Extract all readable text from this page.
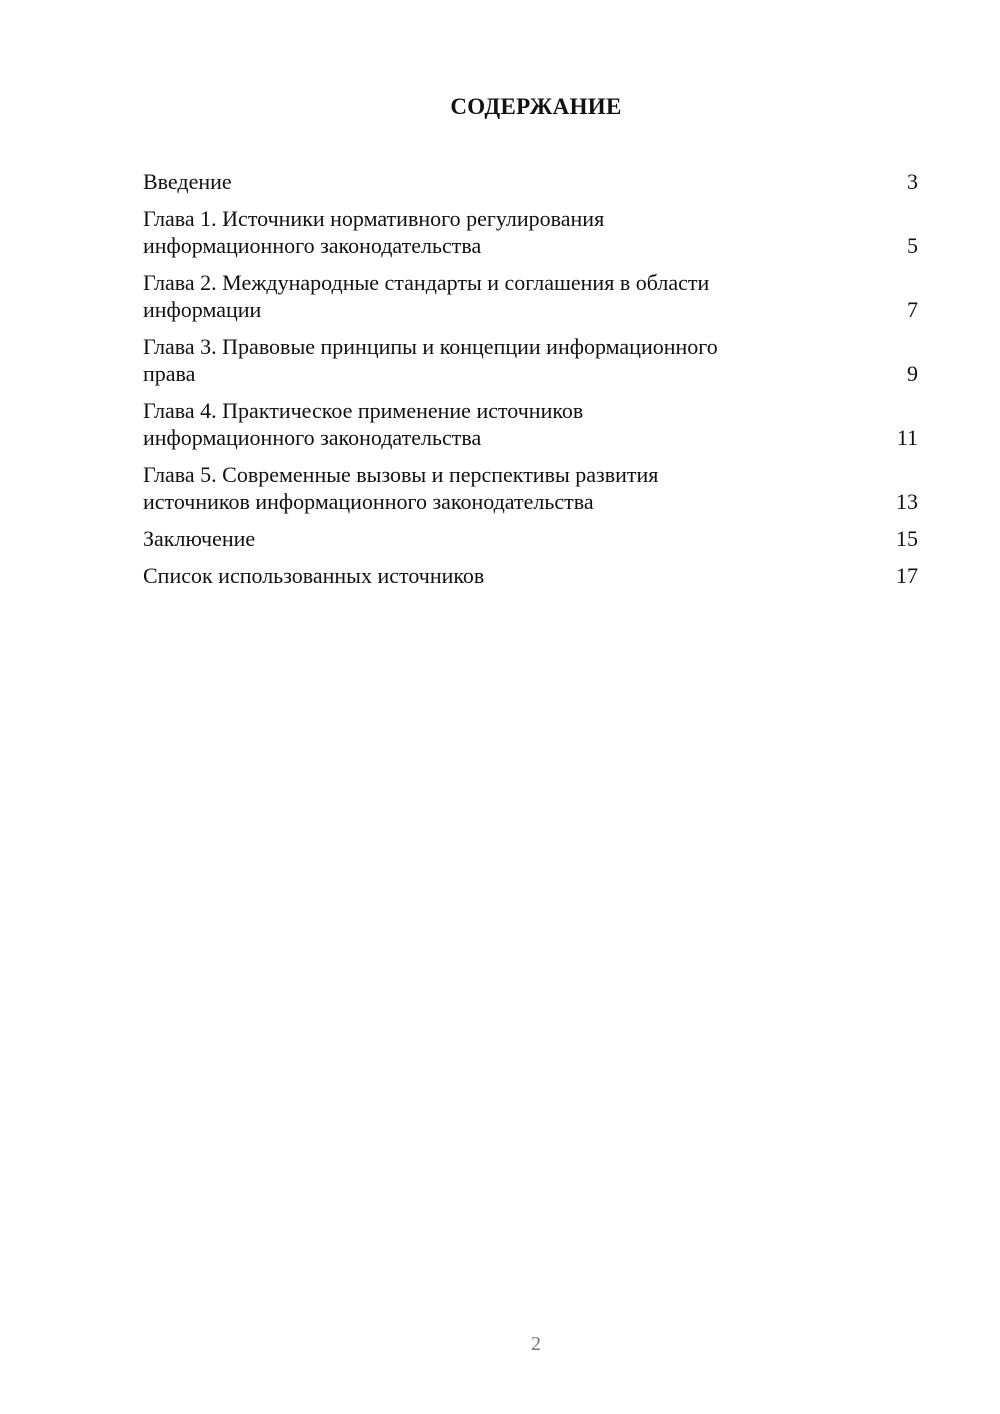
СОДЕРЖАНИЕ
Введение	3
Глава 1. Источники нормативного регулирования
информационного законодательства	5
Глава 2. Международные стандарты и соглашения в области
информации	7
Глава 3. Правовые принципы и концепции информационного
права	9
Глава 4. Практическое применение источников
информационного законодательства	11
Глава 5. Современные вызовы и перспективы развития
источников информационного законодательства	13
Заключение	15
Список использованных источников	17
2
